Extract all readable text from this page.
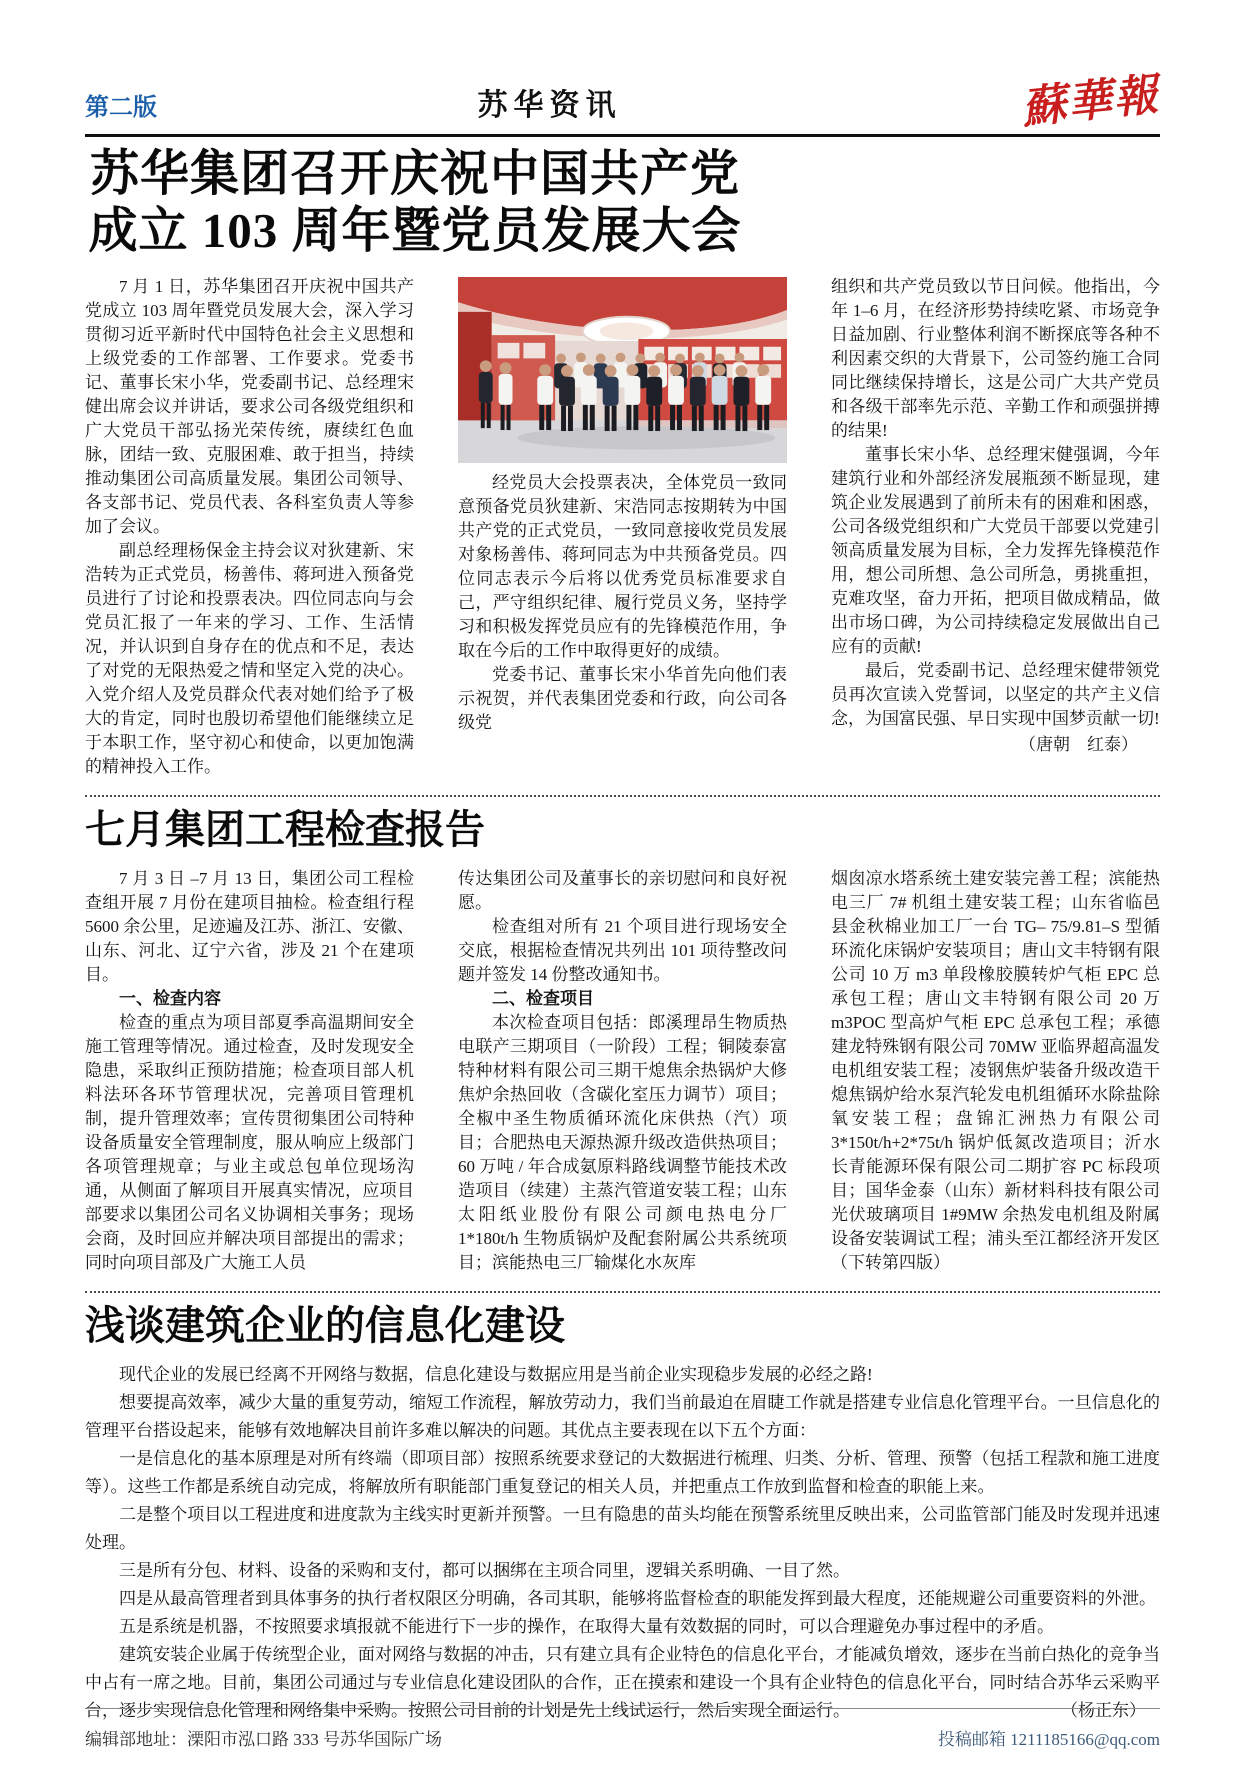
第二版	苏华资讯	蘇華報
苏华集团召开庆祝中国共产党
成立 103 周年暨党员发展大会

7 月 1 日，苏华集团召开庆祝中国共产党成立 103 周年暨党员发展大会，深入学习贯彻习近平新时代中国特色社会主义思想和上级党委的工作部署、工作要求。党委书记、董事长宋小华，党委副书记、总经理宋健出席会议并讲话，要求公司各级党组织和广大党员干部弘扬光荣传统，赓续红色血脉，团结一致、克服困难、敢于担当，持续推动集团公司高质量发展。集团公司领导、各支部书记、党员代表、各科室负责人等参加了会议。

副总经理杨保金主持会议对狄建新、宋浩转为正式党员，杨善伟、蒋珂进入预备党员进行了讨论和投票表决。四位同志向与会党员汇报了一年来的学习、工作、生活情况，并认识到自身存在的优点和不足，表达了对党的无限热爱之情和坚定入党的决心。入党介绍人及党员群众代表对她们给予了极大的肯定，同时也殷切希望他们能继续立足于本职工作，坚守初心和使命，以更加饱满的精神投入工作。

经党员大会投票表决，全体党员一致同意预备党员狄建新、宋浩同志按期转为中国共产党的正式党员，一致同意接收党员发展对象杨善伟、蒋珂同志为中共预备党员。四位同志表示今后将以优秀党员标准要求自己，严守组织纪律、履行党员义务，坚持学习和积极发挥党员应有的先锋模范作用，争取在今后的工作中取得更好的成绩。

党委书记、董事长宋小华首先向他们表示祝贺，并代表集团党委和行政，向公司各级党

组织和共产党员致以节日问候。他指出，今年 1–6 月，在经济形势持续吃紧、市场竞争日益加剧、行业整体利润不断探底等各种不利因素交织的大背景下，公司签约施工合同同比继续保持增长，这是公司广大共产党员和各级干部率先示范、辛勤工作和顽强拼搏的结果!

董事长宋小华、总经理宋健强调，今年建筑行业和外部经济发展瓶颈不断显现，建筑企业发展遇到了前所未有的困难和困惑，公司各级党组织和广大党员干部要以党建引领高质量发展为目标，全力发挥先锋模范作用，想公司所想、急公司所急，勇挑重担，克难攻坚，奋力开拓，把项目做成精品，做出市场口碑，为公司持续稳定发展做出自己应有的贡献!

最后，党委副书记、总经理宋健带领党员再次宣读入党誓词，以坚定的共产主义信念，为国富民强、早日实现中国梦贡献一切!

（唐朝　红泰）
七月集团工程检查报告

7 月 3 日 –7 月 13 日，集团公司工程检查组开展 7 月份在建项目抽检。检查组行程 5600 余公里，足迹遍及江苏、浙江、安徽、山东、河北、辽宁六省，涉及 21 个在建项目。

一、检查内容

检查的重点为项目部夏季高温期间安全施工管理等情况。通过检查，及时发现安全隐患，采取纠正预防措施；检查项目部人机料法环各环节管理状况，完善项目管理机制，提升管理效率；宣传贯彻集团公司特种设备质量安全管理制度，服从响应上级部门各项管理规章；与业主或总包单位现场沟通，从侧面了解项目开展真实情况，应项目部要求以集团公司名义协调相关事务；现场会商，及时回应并解决项目部提出的需求；同时向项目部及广大施工人员

传达集团公司及董事长的亲切慰问和良好祝愿。

检查组对所有 21 个项目进行现场安全交底，根据检查情况共列出 101 项待整改问题并签发 14 份整改通知书。

二、检查项目

本次检查项目包括：郎溪理昂生物质热电联产三期项目（一阶段）工程；铜陵泰富特种材料有限公司三期干熄焦余热锅炉大修焦炉余热回收（含碳化室压力调节）项目；全椒中圣生物质循环流化床供热（汽）项目；合肥热电天源热源升级改造供热项目；60 万吨 / 年合成氨原料路线调整节能技术改造项目（续建）主蒸汽管道安装工程；山东太阳纸业股份有限公司颜电热电分厂 1*180t/h 生物质锅炉及配套附属公共系统项目；滨能热电三厂输煤化水灰库

烟囱凉水塔系统土建安装完善工程；滨能热电三厂 7# 机组土建安装工程；山东省临邑县金秋棉业加工厂一台 TG– 75/9.81–S 型循环流化床锅炉安装项目；唐山文丰特钢有限公司 10 万 m3 单段橡胶膜转炉气柜 EPC 总承包工程；唐山文丰特钢有限公司 20 万 m3POC 型高炉气柜 EPC 总承包工程；承德建龙特殊钢有限公司 70MW 亚临界超高温发电机组安装工程；凌钢焦炉装备升级改造干熄焦锅炉给水泵汽轮发电机组循环水除盐除氧安装工程；盘锦汇洲热力有限公司 3*150t/h+2*75t/h 锅炉低氮改造项目；沂水长青能源环保有限公司二期扩容 PC 标段项目；国华金泰（山东）新材料科技有限公司光伏玻璃项目 1#9MW 余热发电机组及附属设备安装调试工程；浦头至江都经济开发区（下转第四版）

浅谈建筑企业的信息化建设

现代企业的发展已经离不开网络与数据，信息化建设与数据应用是当前企业实现稳步发展的必经之路!

想要提高效率，减少大量的重复劳动，缩短工作流程，解放劳动力，我们当前最迫在眉睫工作就是搭建专业信息化管理平台。一旦信息化的管理平台搭设起来，能够有效地解决目前许多难以解决的问题。其优点主要表现在以下五个方面：

一是信息化的基本原理是对所有终端（即项目部）按照系统要求登记的大数据进行梳理、归类、分析、管理、预警（包括工程款和施工进度等）。这些工作都是系统自动完成，将解放所有职能部门重复登记的相关人员，并把重点工作放到监督和检查的职能上来。

二是整个项目以工程进度和进度款为主线实时更新并预警。一旦有隐患的苗头均能在预警系统里反映出来，公司监管部门能及时发现并迅速处理。

三是所有分包、材料、设备的采购和支付，都可以捆绑在主项合同里，逻辑关系明确、一目了然。

四是从最高管理者到具体事务的执行者权限区分明确，各司其职，能够将监督检查的职能发挥到最大程度，还能规避公司重要资料的外泄。

五是系统是机器，不按照要求填报就不能进行下一步的操作，在取得大量有效数据的同时，可以合理避免办事过程中的矛盾。

建筑安装企业属于传统型企业，面对网络与数据的冲击，只有建立具有企业特色的信息化平台，才能减负增效，逐步在当前白热化的竞争当中占有一席之地。目前，集团公司通过与专业信息化建设团队的合作，正在摸索和建设一个具有企业特色的信息化平台，同时结合苏华云采购平台，逐步实现信息化管理和网络集中采购。按照公司目前的计划是先上线试运行，然后实现全面运行。	（杨正东）
编辑部地址：溧阳市泓口路 333 号苏华国际广场	投稿邮箱 1211185166@qq.com
